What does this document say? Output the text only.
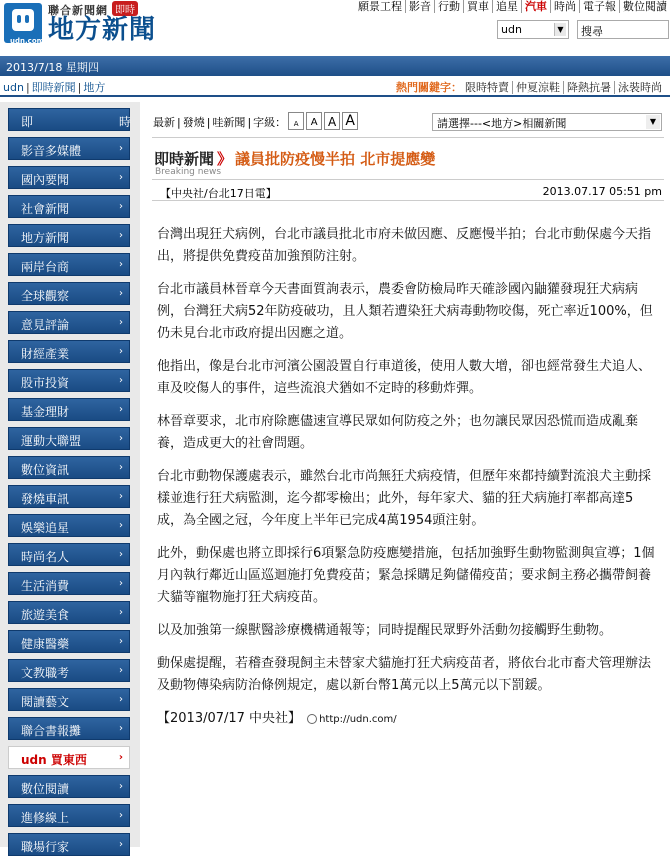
udn.com
聯合新聞網 即時
地方新聞
願景工程 影音 行動 買車 追星 汽車 時尚 電子報 數位閱讀
udn	▼	搜尋
2013/7/18 星期四
udn | 即時新聞 | 地方	熱門關鍵字： 限時特賣 仲夏涼鞋 降熱抗暑 泳裝時尚
即	時
影音多媒體	›
國內要聞	›
社會新聞	›
地方新聞	›
兩岸台商	›
全球觀察	›
意見評論	›
財經產業	›
股市投資	›
基金理財	›
運動大聯盟	›
數位資訊	›
發燒車訊	›
娛樂追星	›
時尚名人	›
生活消費	›
旅遊美食	›
健康醫藥	›
文教職考	›
閱讀藝文	›
聯合書報攤	›
udn 買東西	›
數位閱讀	›
進修線上	›
職場行家	›
最新 | 發燒 | 哇新聞 | 字級： A A A A	請選擇---<地方>相關新聞	▼
即時新聞 》 議員批防疫慢半拍 北市提應變
Breaking news
【中央社/台北17日電】	2013.07.17 05:51 pm

台灣出現狂犬病例，台北市議員批北市府未做因應、反應慢半拍；台北市動保處今天指出，將提供免費疫苗加強預防注射。

台北市議員林晉章今天書面質詢表示，農委會防檢局昨天確診國內鼬獾發現狂犬病病例，台灣狂犬病52年防疫破功，且人類若遭染狂犬病毒動物咬傷，死亡率近100%，但仍未見台北市政府提出因應之道。

他指出，像是台北市河濱公園設置自行車道後，使用人數大增，卻也經常發生犬追人、車及咬傷人的事件，這些流浪犬猶如不定時的移動炸彈。

林晉章要求，北市府除應儘速宣導民眾如何防疫之外；也勿讓民眾因恐慌而造成亂棄養，造成更大的社會問題。

台北市動物保護處表示，雖然台北市尚無狂犬病疫情，但歷年來都持續對流浪犬主動採樣並進行狂犬病監測，迄今都零檢出；此外，每年家犬、貓的狂犬病施打率都高達5成，為全國之冠，今年度上半年已完成4萬1954頭注射。

此外，動保處也將立即採行6項緊急防疫應變措施，包括加強野生動物監測與宣導；1個月內執行鄰近山區巡迴施打免費疫苗；緊急採購足夠儲備疫苗；要求飼主務必攜帶飼養犬貓等寵物施打狂犬病疫苗。

以及加強第一線獸醫診療機構通報等；同時提醒民眾野外活動勿接觸野生動物。

動保處提醒，若稽查發現飼主未替家犬貓施打狂犬病疫苗者，將依台北市畜犬管理辦法及動物傳染病防治條例規定，處以新台幣1萬元以上5萬元以下罰鍰。

【2013/07/17 中央社】 http://udn.com/
